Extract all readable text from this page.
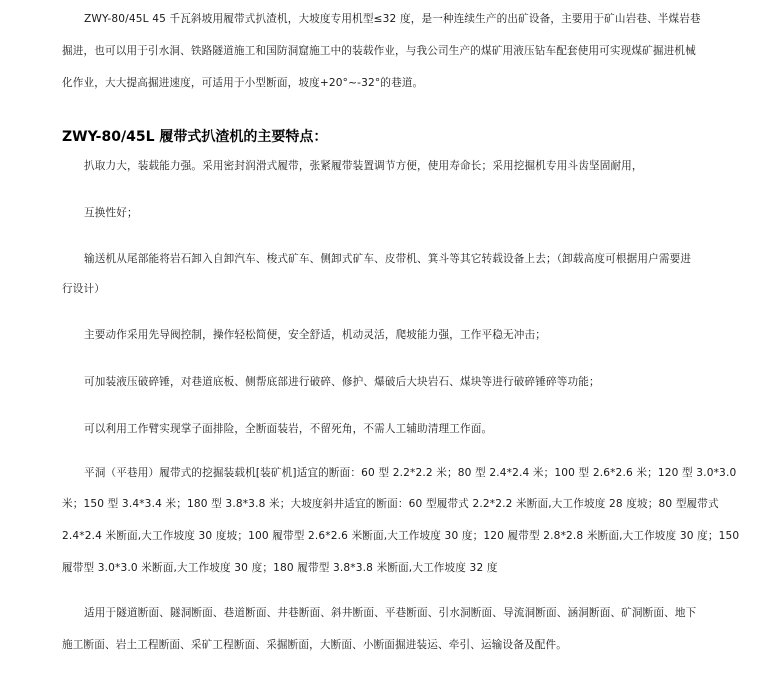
ZWY-80/45L 45 千瓦斜坡用履带式扒渣机，大坡度专用机型≤32 度，是一种连续生产的出矿设备，主要用于矿山岩巷、半煤岩巷
掘进，也可以用于引水洞、铁路隧道施工和国防洞窟施工中的装载作业，与我公司生产的煤矿用液压钻车配套使用可实现煤矿掘进机械
化作业，大大提高掘进速度，可适用于小型断面，坡度+20°~-32°的巷道。
ZWY-80/45L 履带式扒渣机的主要特点：
扒取力大，装载能力强。采用密封润滑式履带，张紧履带装置调节方便，使用寿命长；采用挖掘机专用斗齿坚固耐用，
互换性好；
输送机从尾部能将岩石卸入自卸汽车、梭式矿车、侧卸式矿车、皮带机、箕斗等其它转载设备上去；（卸载高度可根据用户需要进
行设计）
主要动作采用先导阀控制，操作轻松简便，安全舒适，机动灵活，爬坡能力强，工作平稳无冲击；
可加装液压破碎锤，对巷道底板、侧帮底部进行破碎、修护、爆破后大块岩石、煤块等进行破碎锤碎等功能；
可以利用工作臂实现掌子面排险，全断面装岩，不留死角，不需人工辅助清理工作面。
平洞（平巷用）履带式的挖掘装载机[装矿机]适宜的断面：60 型 2.2*2.2 米；80 型 2.4*2.4 米；100 型 2.6*2.6 米；120 型 3.0*3.0
米；150 型 3.4*3.4 米；180 型 3.8*3.8 米；大坡度斜井适宜的断面：60 型履带式 2.2*2.2 米断面,大工作坡度 28 度坡；80 型履带式
2.4*2.4 米断面,大工作坡度 30 度坡；100 履带型 2.6*2.6 米断面,大工作坡度 30 度；120 履带型 2.8*2.8 米断面,大工作坡度 30 度；150
履带型 3.0*3.0 米断面,大工作坡度 30 度；180 履带型 3.8*3.8 米断面,大工作坡度 32 度
适用于隧道断面、隧洞断面、巷道断面、井巷断面、斜井断面、平巷断面、引水洞断面、导流洞断面、涵洞断面、矿洞断面、地下
施工断面、岩土工程断面、采矿工程断面、采掘断面，大断面、小断面掘进装运、牵引、运输设备及配件。
